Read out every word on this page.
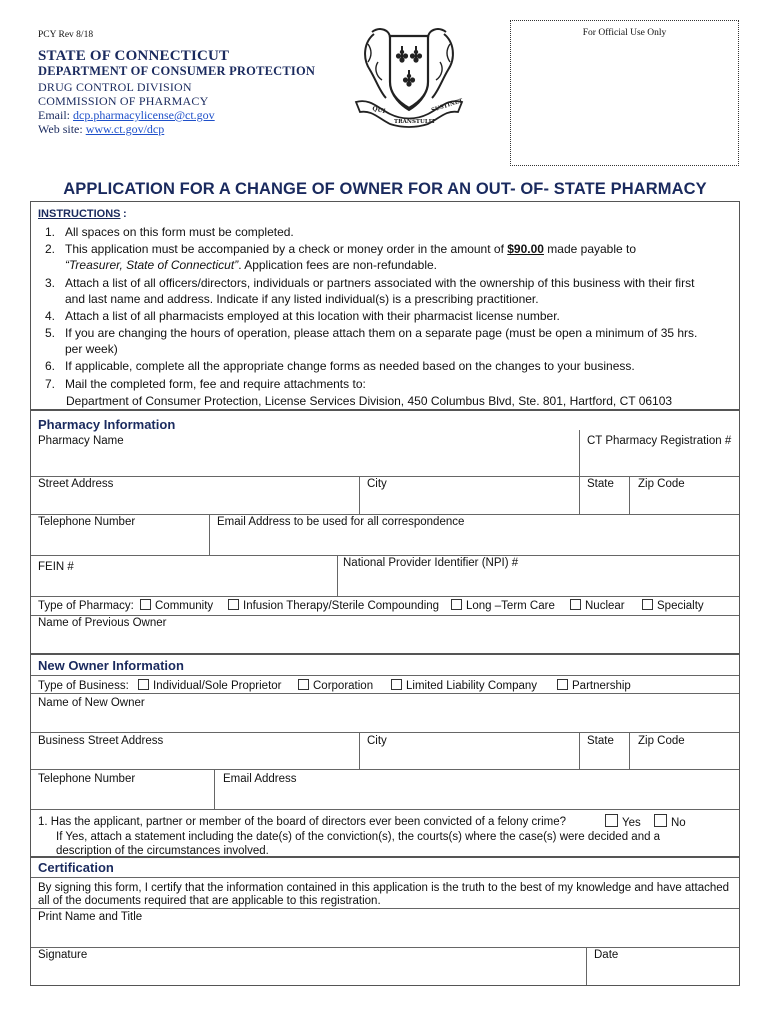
PCY Rev 8/18
STATE OF CONNECTICUT
DEPARTMENT OF CONSUMER PROTECTION
DRUG CONTROL DIVISION
COMMISSION OF PHARMACY
Email: dcp.pharmacylicense@ct.gov
Web site: www.ct.gov/dcp
QUI
TRANSTULIT
SUSTINET
For Official Use Only
APPLICATION FOR A CHANGE OF OWNER FOR AN OUT- OF- STATE PHARMACY
INSTRUCTIONS :
1. All spaces on this form must be completed.
2. This application must be accompanied by a check or money order in the amount of $90.00 made payable to
“Treasurer, State of Connecticut”. Application fees are non-refundable.
3. Attach a list of all officers/directors, individuals or partners associated with the ownership of this business with their first and last name and address. Indicate if any listed individual(s) is a prescribing practitioner.
4. Attach a list of all pharmacists employed at this location with their pharmacist license number.
5. If you are changing the hours of operation, please attach them on a separate page (must be open a minimum of 35 hrs. per week)
6. If applicable, complete all the appropriate change forms as needed based on the changes to your business.
7. Mail the completed form, fee and require attachments to:
Department of Consumer Protection, License Services Division, 450 Columbus Blvd, Ste. 801, Hartford, CT 06103
Pharmacy Information
Pharmacy Name	CT Pharmacy Registration #
Street Address	City	State Zip Code
Telephone Number	Email Address to be used for all correspondence
FEIN #	National Provider Identifier (NPI) #
Type of Pharmacy:	Community	Infusion Therapy/Sterile Compounding	Long –Term Care	Nuclear	Specialty
Name of Previous Owner
New Owner Information
Type of Business:	Individual/Sole Proprietor	Corporation	Limited Liability Company	Partnership
Name of New Owner
Business Street Address	City	State Zip Code
Telephone Number	Email Address
1. Has the applicant, partner or member of the board of directors ever been convicted of a felony crime?	Yes	No
If Yes, attach a statement including the date(s) of the conviction(s), the courts(s) where the case(s) were decided and a
description of the circumstances involved.
Certification
By signing this form, I certify that the information contained in this application is the truth to the best of my knowledge and have attached
all of the documents required that are applicable to this registration.
Print Name and Title
Signature	Date
